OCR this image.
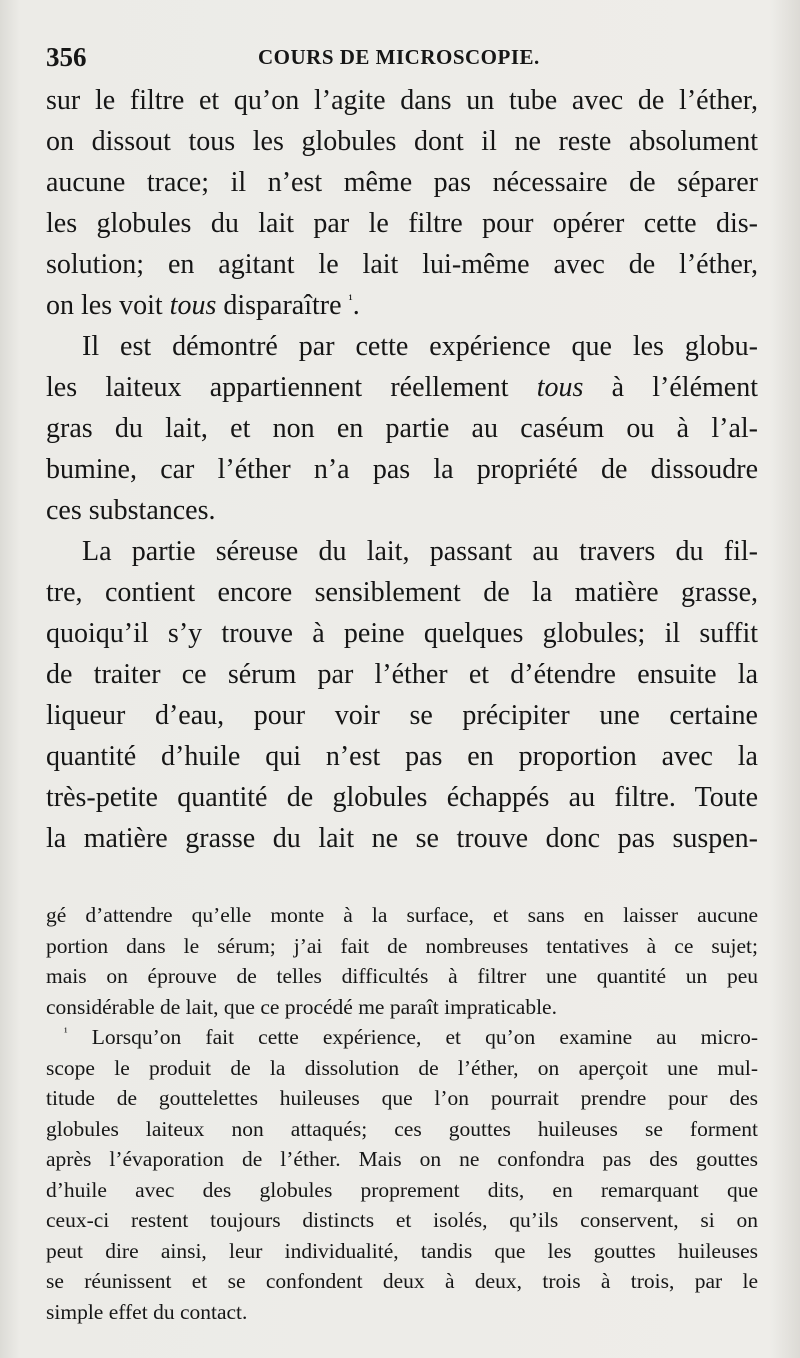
356	COURS DE MICROSCOPIE.
sur le filtre et qu’on l’agite dans un tube avec de l’éther,
on dissout tous les globules dont il ne reste absolument
aucune trace; il n’est même pas nécessaire de séparer
les globules du lait par le filtre pour opérer cette dis-
solution; en agitant le lait lui-même avec de l’éther,
on les voit tous disparaître $^{^1}$.
Il est démontré par cette expérience que les globu-
les laiteux appartiennent réellement tous à l’élément
gras du lait, et non en partie au caséum ou à l’al-
bumine, car l’éther n’a pas la propriété de dissoudre
ces substances.
La partie séreuse du lait, passant au travers du fil-
tre, contient encore sensiblement de la matière grasse,
quoiqu’il s’y trouve à peine quelques globules; il suffit
de traiter ce sérum par l’éther et d’étendre ensuite la
liqueur d’eau, pour voir se précipiter une certaine
quantité d’huile qui n’est pas en proportion avec la
très-petite quantité de globules échappés au filtre. Toute
la matière grasse du lait ne se trouve donc pas suspen-
gé d’attendre qu’elle monte à la surface, et sans en laisser aucune
portion dans le sérum; j’ai fait de nombreuses tentatives à ce sujet;
mais on éprouve de telles difficultés à filtrer une quantité un peu
considérable de lait, que ce procédé me paraît impraticable.
$^{^1}$ Lorsqu’on fait cette expérience, et qu’on examine au micro-
scope le produit de la dissolution de l’éther, on aperçoit une mul-
titude de gouttelettes huileuses que l’on pourrait prendre pour des
globules laiteux non attaqués; ces gouttes huileuses se forment
après l’évaporation de l’éther. Mais on ne confondra pas des gouttes
d’huile avec des globules proprement dits, en remarquant que
ceux-ci restent toujours distincts et isolés, qu’ils conservent, si on
peut dire ainsi, leur individualité, tandis que les gouttes huileuses
se réunissent et se confondent deux à deux, trois à trois, par le
simple effet du contact.
